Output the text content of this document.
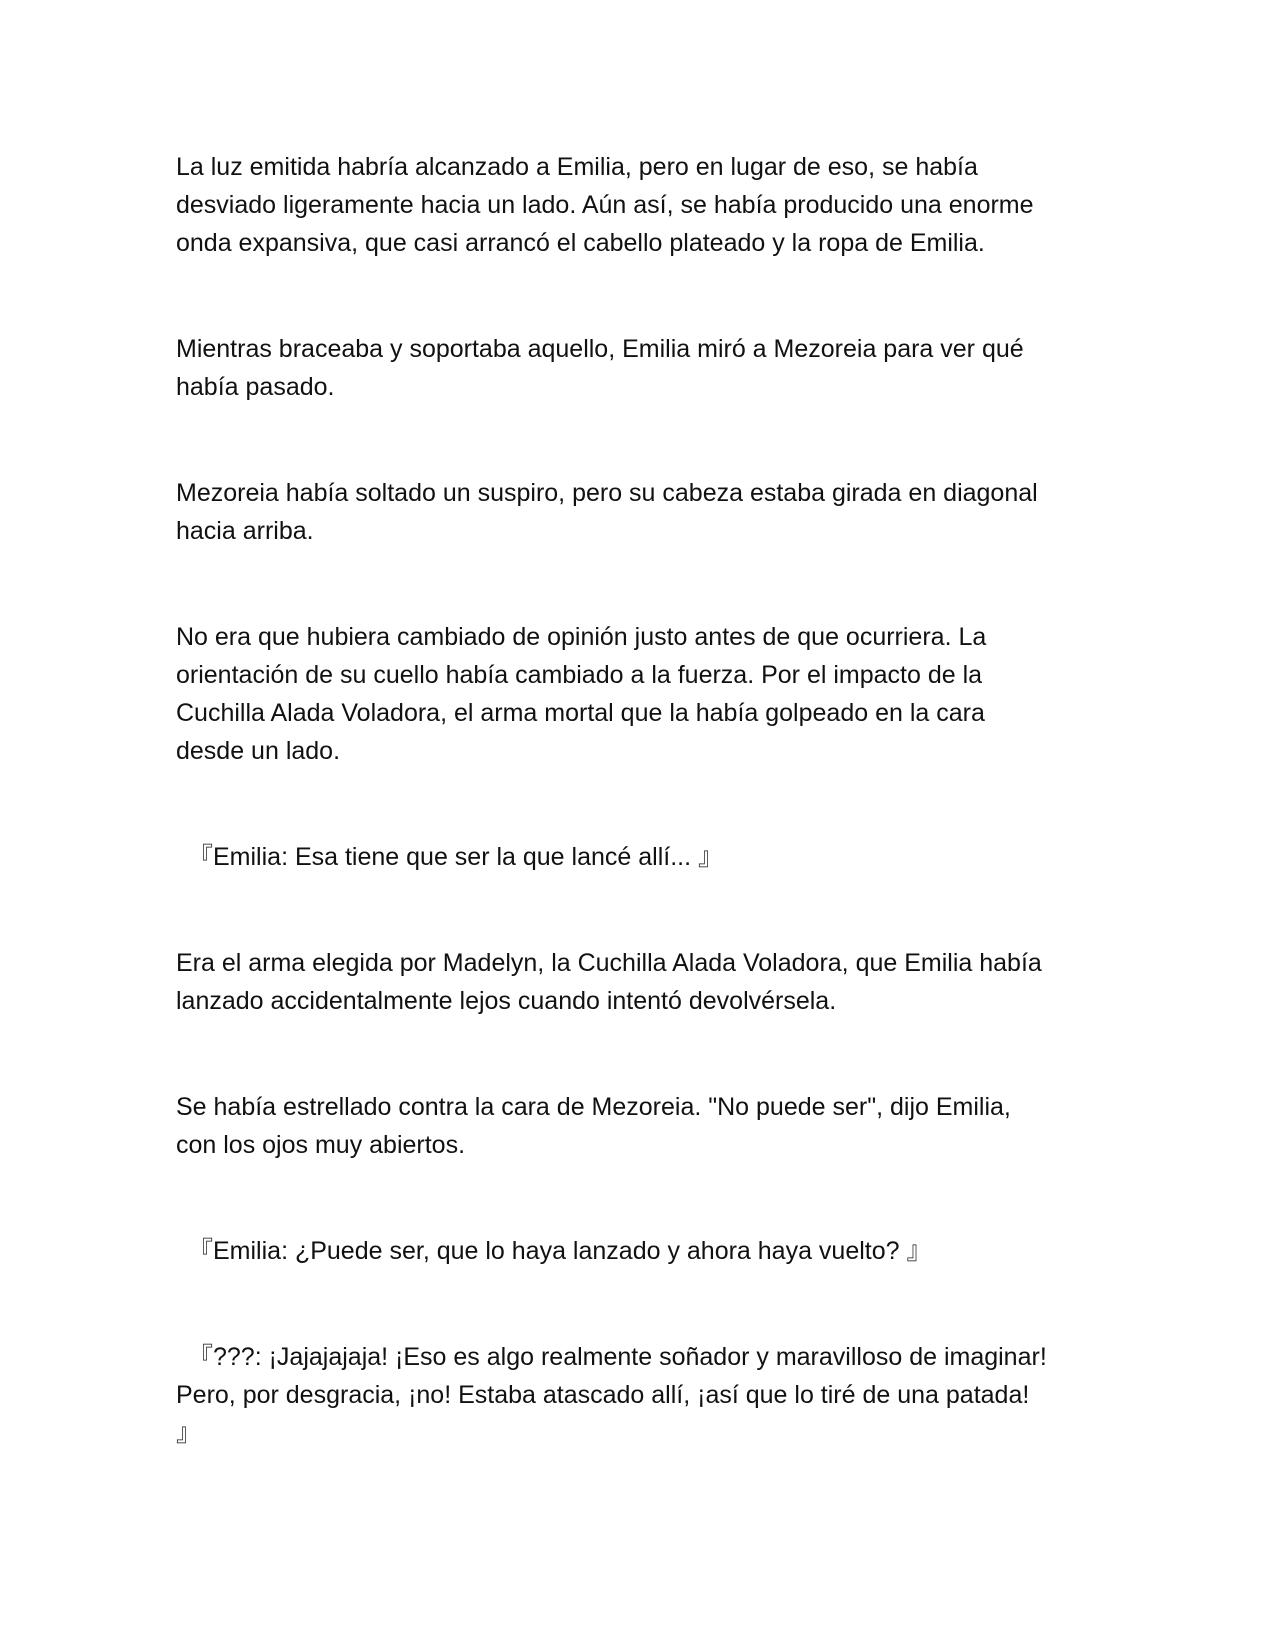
La luz emitida habría alcanzado a Emilia, pero en lugar de eso, se había
desviado ligeramente hacia un lado. Aún así, se había producido una enorme
onda expansiva, que casi arrancó el cabello plateado y la ropa de Emilia.

Mientras braceaba y soportaba aquello, Emilia miró a Mezoreia para ver qué
había pasado.

Mezoreia había soltado un suspiro, pero su cabeza estaba girada en diagonal
hacia arriba.

No era que hubiera cambiado de opinión justo antes de que ocurriera. La
orientación de su cuello había cambiado a la fuerza. Por el impacto de la
Cuchilla Alada Voladora, el arma mortal que la había golpeado en la cara
desde un lado.

『Emilia: Esa tiene que ser la que lancé allí... 』

Era el arma elegida por Madelyn, la Cuchilla Alada Voladora, que Emilia había
lanzado accidentalmente lejos cuando intentó devolvérsela.

Se había estrellado contra la cara de Mezoreia. "No puede ser", dijo Emilia,
con los ojos muy abiertos.

『Emilia: ¿Puede ser, que lo haya lanzado y ahora haya vuelto? 』

『???: ¡Jajajajaja! ¡Eso es algo realmente soñador y maravilloso de imaginar!
Pero, por desgracia, ¡no! Estaba atascado allí, ¡así que lo tiré de una patada!
』
